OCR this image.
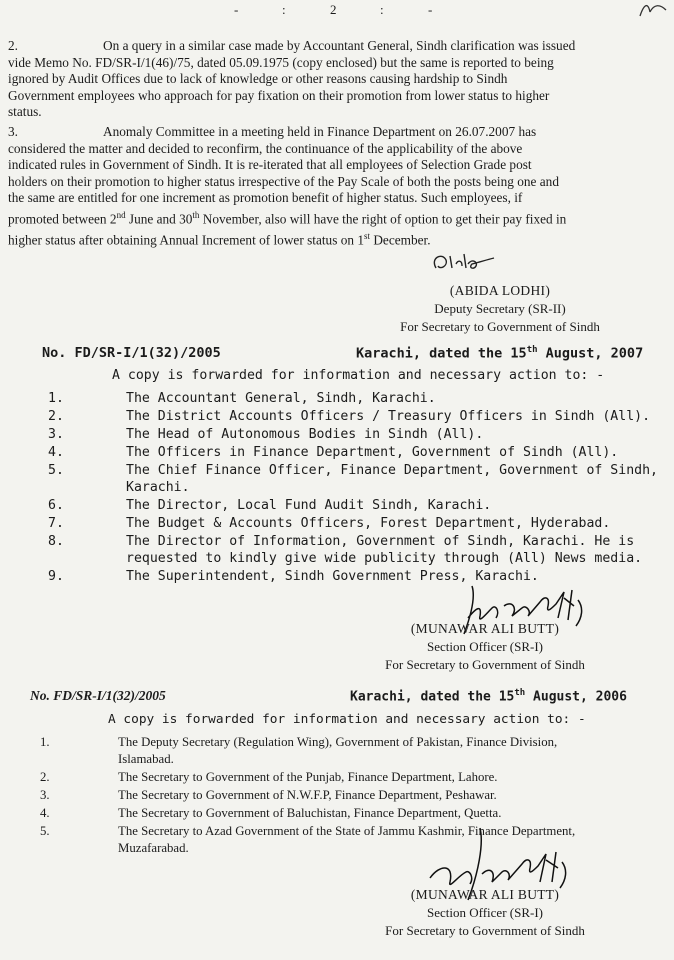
-	:	2	:	-
2.	On a query in a similar case made by Accountant General, Sindh clarification was issued
vide Memo No. FD/SR-I/1(46)/75, dated 05.09.1975 (copy enclosed) but the same is reported to being
ignored by Audit Offices due to lack of knowledge or other reasons causing hardship to Sindh
Government employees who approach for pay fixation on their promotion from lower status to higher
status.
3.	Anomaly Committee in a meeting held in Finance Department on 26.07.2007 has
considered the matter and decided to reconfirm, the continuance of the applicability of the above
indicated rules in Government of Sindh. It is re-iterated that all employees of Selection Grade post
holders on their promotion to higher status irrespective of the Pay Scale of both the posts being one and
the same are entitled for one increment as promotion benefit of higher status. Such employees, if
promoted between 2nd June and 30th November, also will have the right of option to get their pay fixed in
higher status after obtaining Annual Increment of lower status on 1st December.
(ABIDA LODHI)
Deputy Secretary (SR-II)
For Secretary to Government of Sindh
No. FD/SR-I/1(32)/2005	Karachi, dated the 15th August, 2007
A copy is forwarded for information and necessary action to: -
1.	The Accountant General, Sindh, Karachi.
2.	The District Accounts Officers / Treasury Officers in Sindh (All).
3.	The Head of Autonomous Bodies in Sindh (All).
4.	The Officers in Finance Department, Government of Sindh (All).
5.	The Chief Finance Officer, Finance Department, Government of Sindh,
Karachi.
6.	The Director, Local Fund Audit Sindh, Karachi.
7.	The Budget & Accounts Officers, Forest Department, Hyderabad.
8.	The Director of Information, Government of Sindh, Karachi. He is
requested to kindly give wide publicity through (All) News media.
9.	The Superintendent, Sindh Government Press, Karachi.
(MUNAWAR ALI BUTT)
Section Officer (SR-I)
For Secretary to Government of Sindh
No. FD/SR-I/1(32)/2005	Karachi, dated the 15th August, 2006
A copy is forwarded for information and necessary action to: -
1.	The Deputy Secretary (Regulation Wing), Government of Pakistan, Finance Division,
Islamabad.
2.	The Secretary to Government of the Punjab, Finance Department, Lahore.
3.	The Secretary to Government of N.W.F.P, Finance Department, Peshawar.
4.	The Secretary to Government of Baluchistan, Finance Department, Quetta.
5.	The Secretary to Azad Government of the State of Jammu Kashmir, Finance Department,
Muzafarabad.
(MUNAWAR ALI BUTT)
Section Officer (SR-I)
For Secretary to Government of Sindh
